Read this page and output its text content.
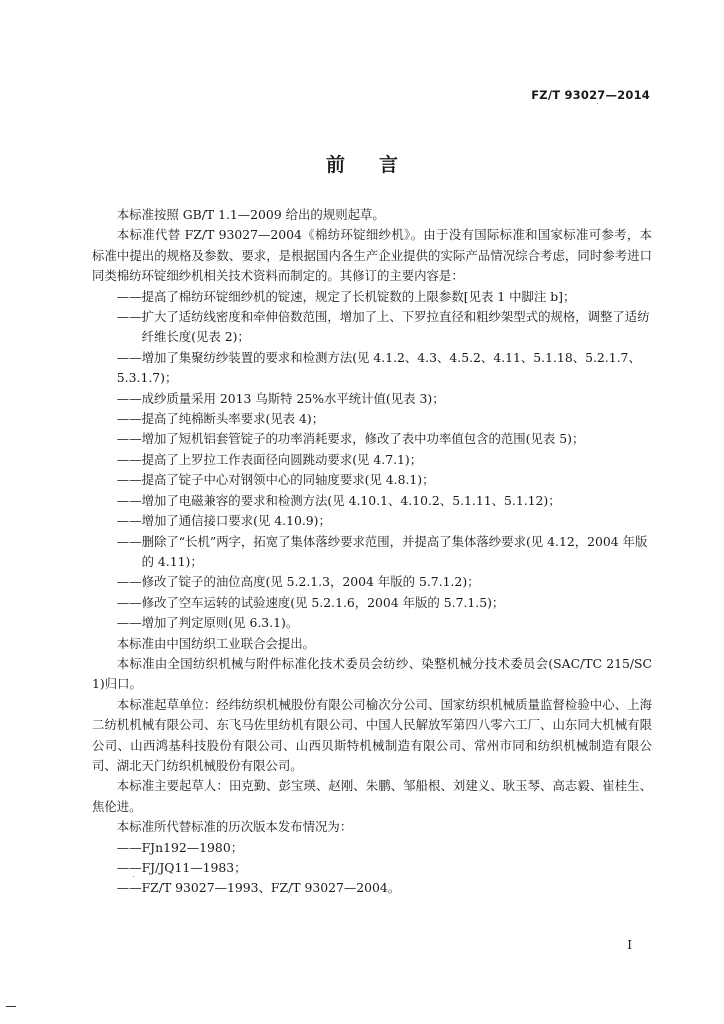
FZ/T 93027—2014
前言

本标准按照 GB/T 1.1—2009 给出的规则起草。

本标准代替 FZ/T 93027—2004《棉纺环锭细纱机》。由于没有国际标准和国家标准可参考，本标准中提出的规格及参数、要求，是根据国内各生产企业提供的实际产品情况综合考虑，同时参考进口同类棉纺环锭细纱机相关技术资料而制定的。其修订的主要内容是：

——提高了棉纺环锭细纱机的锭速，规定了长机锭数的上限参数[见表 1 中脚注 b]；

——扩大了适纺线密度和牵伸倍数范围，增加了上、下罗拉直径和粗纱架型式的规格，调整了适纺纤维长度(见表 2)；

——增加了集聚纺纱装置的要求和检测方法(见 4.1.2、4.3、4.5.2、4.11、5.1.18、5.2.1.7、5.3.1.7)；

——成纱质量采用 2013 乌斯特 25%水平统计值(见表 3)；

——提高了纯棉断头率要求(见表 4)；

——增加了短机铝套管锭子的功率消耗要求，修改了表中功率值包含的范围(见表 5)；

——提高了上罗拉工作表面径向圆跳动要求(见 4.7.1)；

——提高了锭子中心对钢领中心的同轴度要求(见 4.8.1)；

——增加了电磁兼容的要求和检测方法(见 4.10.1、4.10.2、5.1.11、5.1.12)；

——增加了通信接口要求(见 4.10.9)；

——删除了“长机”两字，拓宽了集体落纱要求范围，并提高了集体落纱要求(见 4.12，2004 年版的 4.11)；

——修改了锭子的油位高度(见 5.2.1.3，2004 年版的 5.7.1.2)；

——修改了空车运转的试验速度(见 5.2.1.6，2004 年版的 5.7.1.5)；

——增加了判定原则(见 6.3.1)。

本标准由中国纺织工业联合会提出。

本标准由全国纺织机械与附件标准化技术委员会纺纱、染整机械分技术委员会(SAC/TC 215/SC 1)归口。

本标准起草单位：经纬纺织机械股份有限公司榆次分公司、国家纺织机械质量监督检验中心、上海二纺机机械有限公司、东飞马佐里纺机有限公司、中国人民解放军第四八零六工厂、山东同大机械有限公司、山西鸿基科技股份有限公司、山西贝斯特机械制造有限公司、常州市同和纺织机械制造有限公司、湖北天门纺织机械股份有限公司。

本标准主要起草人：田克勤、彭宝瑛、赵刚、朱鹏、邹船根、刘建义、耿玉琴、高志毅、崔桂生、焦伦进。

本标准所代替标准的历次版本发布情况为：

——FJn192—1980；

——FJ/JQ11—1983；

——FZ/T 93027—1993、FZ/T 93027—2004。

I
